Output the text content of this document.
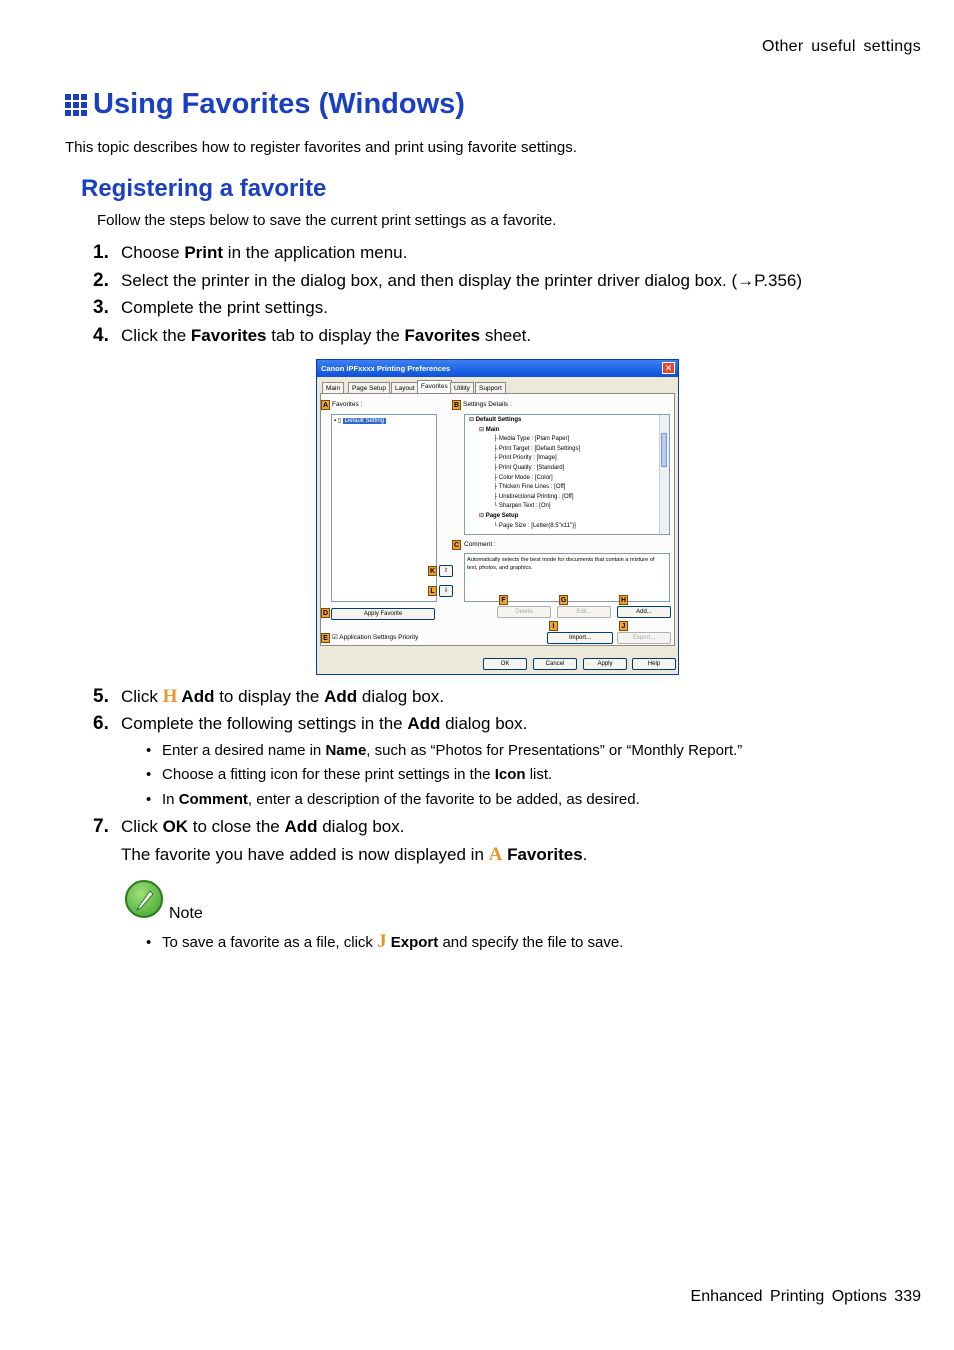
Other useful settings
Using Favorites (Windows)
This topic describes how to register favorites and print using favorite settings.
Registering a favorite
Follow the steps below to save the current print settings as a favorite.
1. Choose Print in the application menu.
2. Select the printer in the dialog box, and then display the printer driver dialog box. (→P.356)
3. Complete the print settings.
4. Click the Favorites tab to display the Favorites sheet.
Canon iPFxxxx Printing Preferences	✕
Main	Page Setup	Layout Favorites Utility	Support
A Favorites :
▪ ▯ Default Setting
B Settings Details :
⊟ Default Settings
⊟ Main
├ Media Type : [Plain Paper]
├ Print Target : [Default Settings]
├ Print Priority : [Image]
├ Print Quality : [Standard]
├ Color Mode : [Color]
├ Thicken Fine Lines : [Off]
├ Unidirectional Printing : [Off]
└ Sharpen Text : [On]
⊟ Page Setup
└ Page Size : [Letter(8.5"x11")]
C Comment :
Automatically selects the best mode for documents that contain a mixture of text, photos, and graphics.
K	⇧
L	⇩
F	G	H
Delete	Edit...	Add...
D	Apply Favorite
I	J
Import...	Export...
E ☑ Application Settings Priority
OK	Cancel	Apply	Help
5. Click H Add to display the Add dialog box.
6. Complete the following settings in the Add dialog box.
• Enter a desired name in Name, such as “Photos for Presentations” or “Monthly Report.”
• Choose a fitting icon for these print settings in the Icon list.
• In Comment, enter a description of the favorite to be added, as desired.
7. Click OK to close the Add dialog box.
The favorite you have added is now displayed in A Favorites.
Note
• To save a favorite as a file, click J Export and specify the file to save.
Enhanced Printing Options 339
